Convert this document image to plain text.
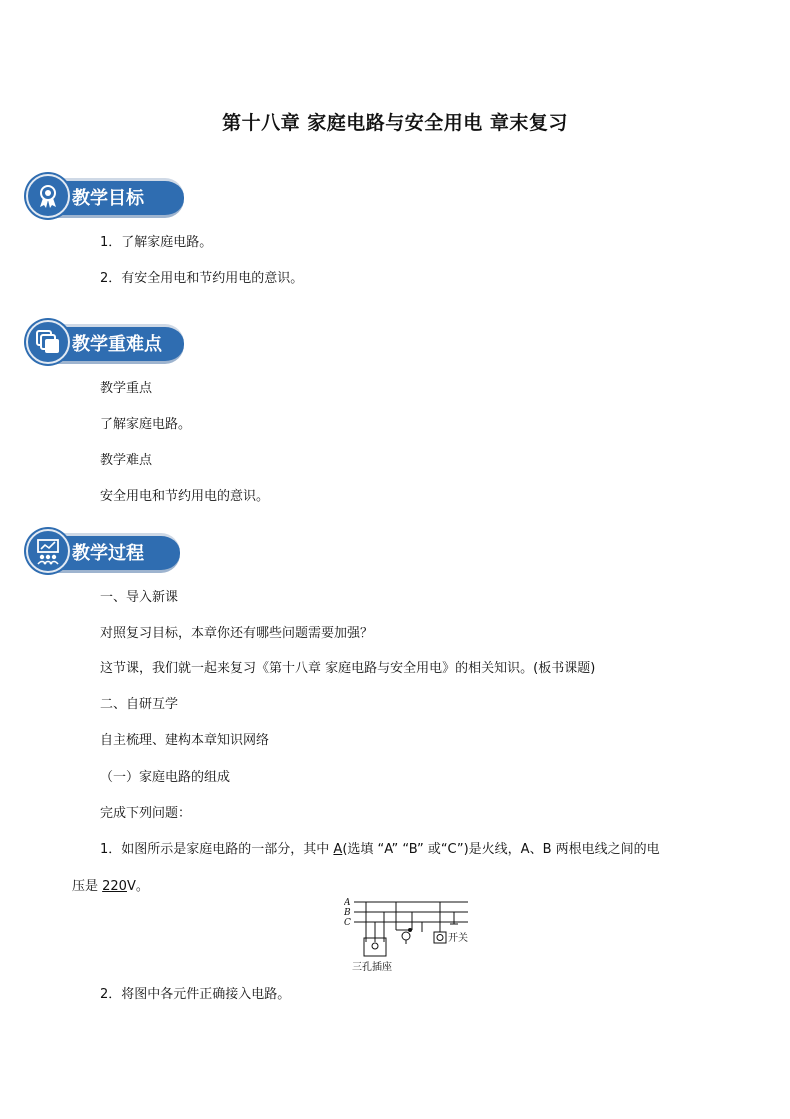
第十八章 家庭电路与安全用电 章末复习
教学目标
1．了解家庭电路。
2．有安全用电和节约用电的意识。
教学重难点
教学重点
了解家庭电路。
教学难点
安全用电和节约用电的意识。
教学过程
一、导入新课
对照复习目标，本章你还有哪些问题需要加强？
这节课，我们就一起来复习《第十八章 家庭电路与安全用电》的相关知识。(板书课题)
二、自研互学
自主梳理、建构本章知识网络
（一）家庭电路的组成
完成下列问题：
1．如图所示是家庭电路的一部分，其中 A(选填 “A” “B” 或“C”)是火线，A、B 两根电线之间的电
压是 220V。
A
B
C
开关
三孔插座
2．将图中各元件正确接入电路。
